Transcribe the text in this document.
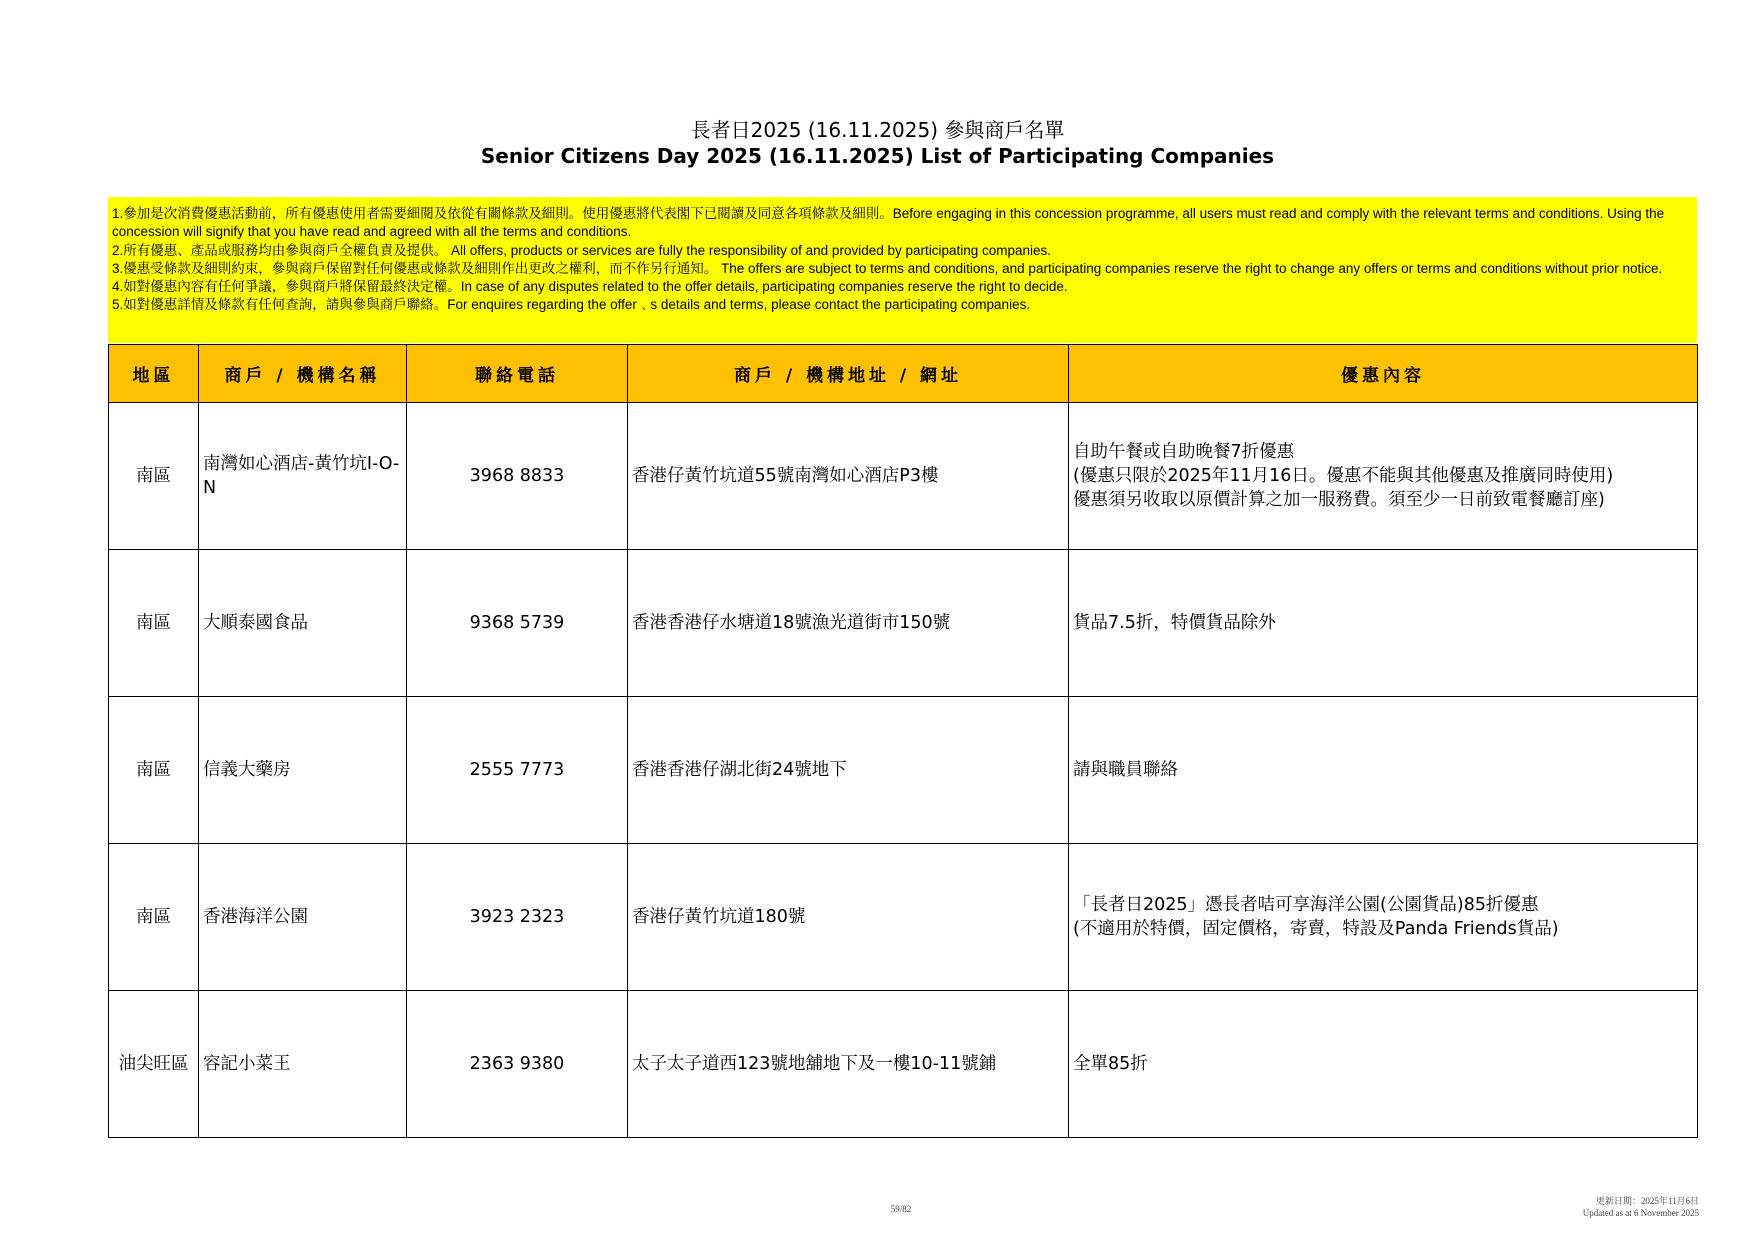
長者日2025 (16.11.2025) 參與商戶名單
Senior Citizens Day 2025 (16.11.2025) List of Participating Companies

1.參加是次消費優惠活動前，所有優惠使用者需要細閱及依從有關條款及細則。使用優惠將代表閣下已閱讀及同意各項條款及細則。Before engaging in this concession programme, all users must read and comply with the relevant terms and conditions. Using the concession will signify that you have read and agreed with all the terms and conditions.

2.所有優惠、產品或服務均由參與商戶全權負責及提供。 All offers, products or services are fully the responsibility of and provided by participating companies.

3.優惠受條款及細則約束，參與商戶保留對任何優惠或條款及細則作出更改之權利，而不作另行通知。 The offers are subject to terms and conditions, and participating companies reserve the right to change any offers or terms and conditions without prior notice.

4.如對優惠內容有任何爭議，參與商戶將保留最終決定權。In case of any disputes related to the offer details, participating companies reserve the right to decide.

5.如對優惠詳情及條款有任何查詢，請與參與商戶聯絡。For enquires regarding the offer﹑s details and terms, please contact the participating companies.

地區	商戶 / 機構名稱	聯絡電話	商戶 / 機構地址 / 網址	優惠內容
南區	南灣如心酒店-黃竹坑I-O-N	3968 8833	香港仔黃竹坑道55號南灣如心酒店P3樓	自助午餐或自助晚餐7折優惠
(優惠只限於2025年11月16日。優惠不能與其他優惠及推廣同時使用)
優惠須另收取以原價計算之加一服務費。須至少一日前致電餐廳訂座)

南區	大順泰國食品	9368 5739	香港香港仔水塘道18號漁光道街市150號	貨品7.5折，特價貨品除外

南區	信義大藥房	2555 7773	香港香港仔湖北街24號地下	請與職員聯絡

南區	香港海洋公園	3923 2323	香港仔黃竹坑道180號	「長者日2025」憑長者咭可享海洋公園(公園貨品)85折優惠
(不適用於特價，固定價格，寄賣，特設及Panda Friends貨品)

油尖旺區	容記小菜王	2363 9380	太子太子道西123號地舖地下及一樓10-11號鋪	全單85折
59/82
更新日期：2025年11月6日
Updated as at 6 November 2025
